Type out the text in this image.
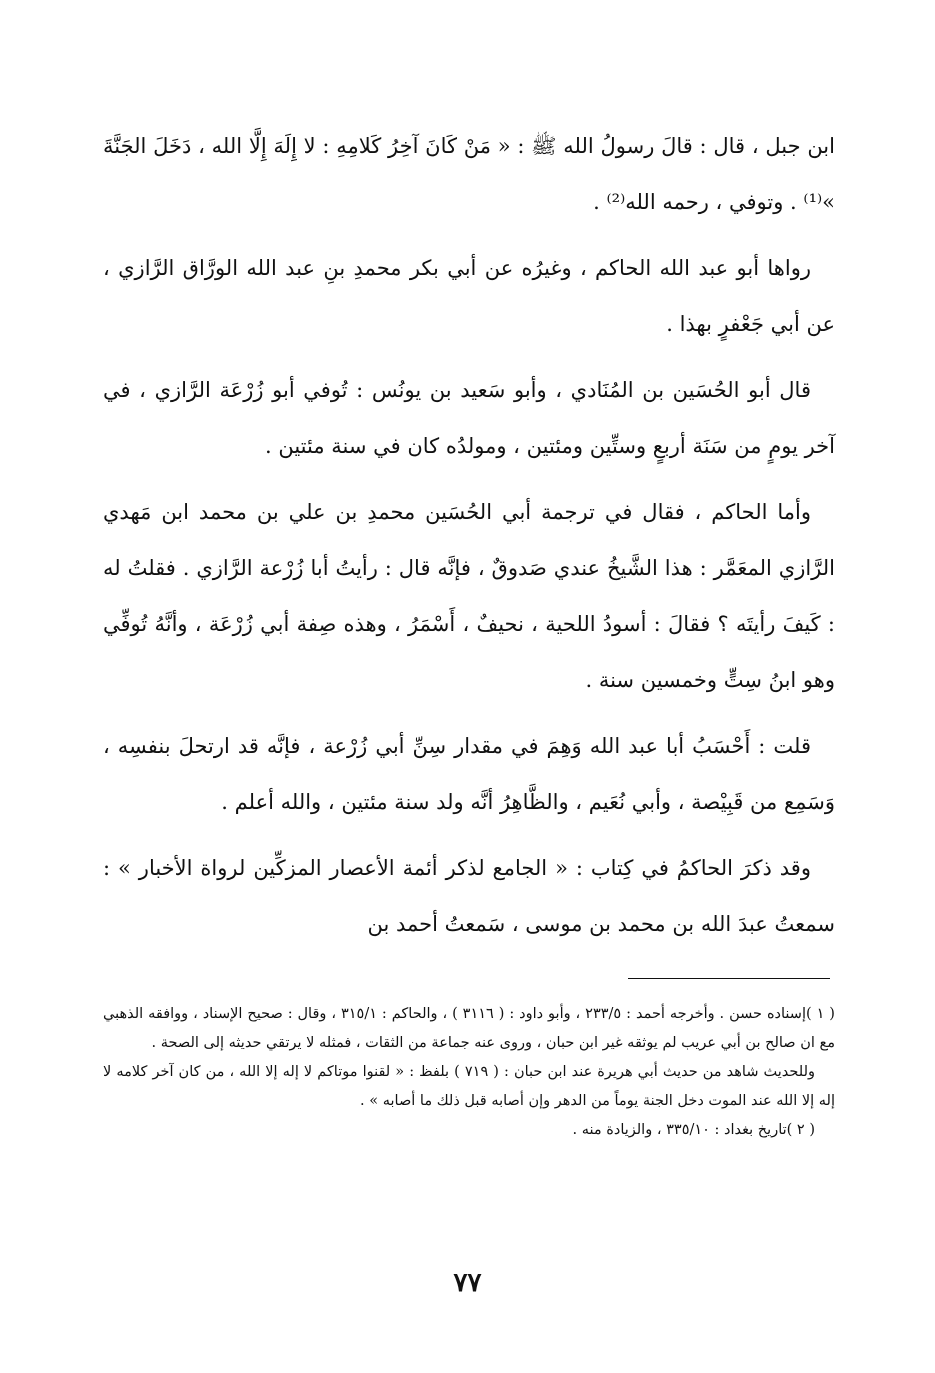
ابن جبل ، قال : قالَ رسولُ الله ﷺ : « مَنْ كَانَ آخِرُ كَلامِهِ : لا إِلَهَ إِلَّا الله ، دَخَلَ الجَنَّةَ »⁽¹⁾ . وتوفي ، رحمه الله⁽²⁾ .

رواها أبو عبد الله الحاكم ، وغيرُه عن أبي بكر محمدِ بنِ عبد الله الورَّاق الرَّازي ، عن أبي جَعْفرٍ بهذا .

قال أبو الحُسَين بن المُنَادي ، وأبو سَعيد بن يونُس : تُوفي أبو زُرْعَة الرَّازي ، في آخر يومٍ من سَنَة أربعٍ وستِّين ومئتين ، ومولدُه كان في سنة مئتين .

وأما الحاكم ، فقال في ترجمة أبي الحُسَين محمدِ بن علي بن محمد ابن مَهدي الرَّازي المعَمَّر : هذا الشَّيخُ عندي صَدوقٌ ، فإنَّه قال : رأيتُ أبا زُرْعة الرَّازي . فقلتُ له : كَيفَ رأيتَه ؟ فقالَ : أسودُ اللحية ، نحيفٌ ، أَسْمَرُ ، وهذه صِفة أبي زُرْعَة ، وأنَّهُ تُوفِّي وهو ابنُ سِتٍّ وخمسين سنة .

قلت : أَحْسَبُ أبا عبد الله وَهِمَ في مقدار سِنِّ أبي زُرْعة ، فإنَّه قد ارتحلَ بنفسِه ، وَسَمِع من قَبِيْصة ، وأبي نُعَيم ، والظَّاهِرُ أنَّه ولد سنة مئتين ، والله أعلم .

وقد ذكرَ الحاكمُ في كِتاب : « الجامع لذكر أئمة الأعصار المزكِّين لرواة الأخبار » : سمعتُ عبدَ الله بن محمد بن موسى ، سَمعتُ أحمد بن

( ١ )إسناده حسن . وأخرجه أحمد : ٢٣٣/٥ ، وأبو داود : ( ٣١١٦ ) ، والحاكم : ٣١٥/١ ، وقال : صحيح الإسناد ، ووافقه الذهبي مع ان صالح بن أبي عريب لم يوثقه غير ابن حبان ، وروى عنه جماعة من الثقات ، فمثله لا يرتقي حديثه إلى الصحة .

وللحديث شاهد من حديث أبي هريرة عند ابن حبان : ( ٧١٩ ) بلفظ : « لقنوا موتاكم لا إله إلا الله ، من كان آخر كلامه لا إله إلا الله عند الموت دخل الجنة يوماً من الدهر وإن أصابه قبل ذلك ما أصابه » .

( ٢ )تاريخ بغداد : ٣٣٥/١٠ ، والزيادة منه .

٧٧
